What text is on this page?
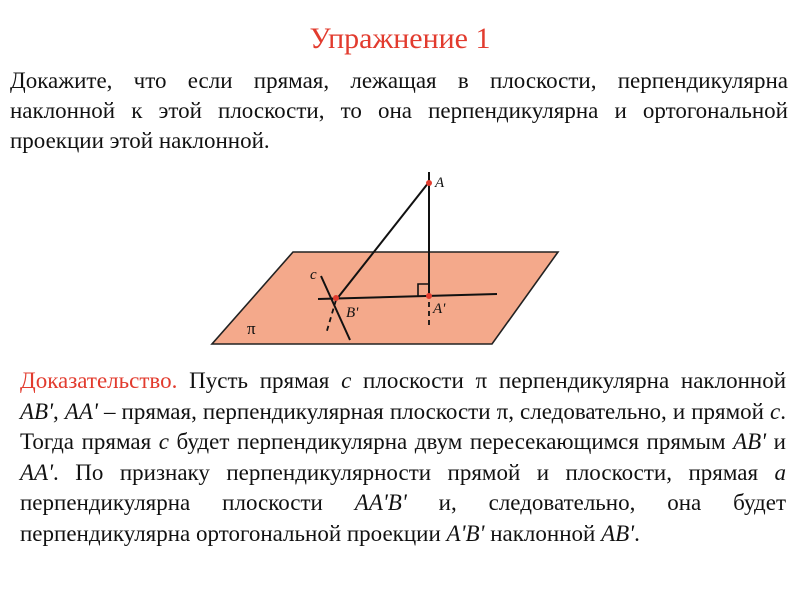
Упражнение 1
Докажите, что если прямая, лежащая в плоскости, перпендикулярна наклонной к этой плоскости, то она перпендикулярна и ортогональной проекции этой наклонной.
A
B'	A'
c
π
Доказательство. Пусть прямая c плоскости π перпендикулярна наклонной AB', AA' – прямая, перпендикулярная плоскости π, следовательно, и прямой c. Тогда прямая c будет перпендикулярна двум пересекающимся прямым AB' и AA'. По признаку перпендикулярности прямой и плоскости, прямая a перпендикулярна плоскости AA'B' и, следовательно, она будет перпендикулярна ортогональной проекции A'B' наклонной AB'.
